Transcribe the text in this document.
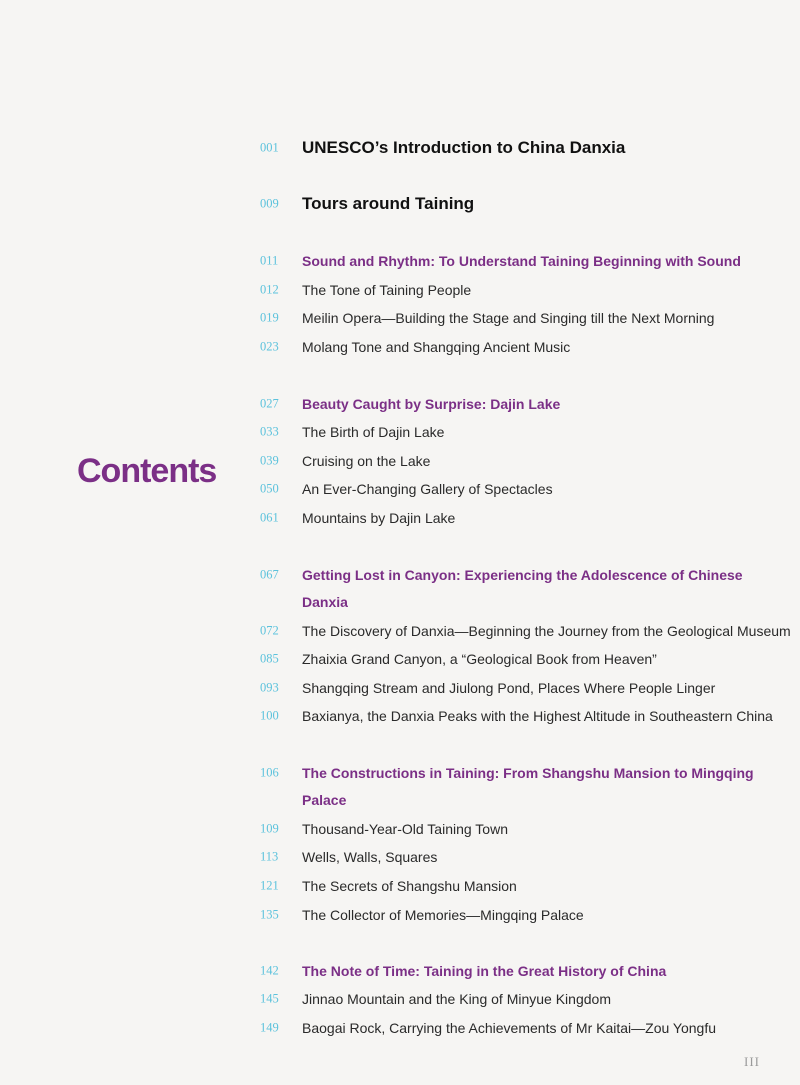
Contents
001 UNESCO’s Introduction to China Danxia
009 Tours around Taining
011 Sound and Rhythm: To Understand Taining Beginning with Sound
012 The Tone of Taining People
019 Meilin Opera—Building the Stage and Singing till the Next Morning
023 Molang Tone and Shangqing Ancient Music
027 Beauty Caught by Surprise: Dajin Lake
033 The Birth of Dajin Lake
039 Cruising on the Lake
050 An Ever-Changing Gallery of Spectacles
061 Mountains by Dajin Lake
067 Getting Lost in Canyon: Experiencing the Adolescence of Chinese
Danxia
072 The Discovery of Danxia—Beginning the Journey from the Geological Museum
085 Zhaixia Grand Canyon, a “Geological Book from Heaven”
093 Shangqing Stream and Jiulong Pond, Places Where People Linger
100 Baxianya, the Danxia Peaks with the Highest Altitude in Southeastern China
106 The Constructions in Taining: From Shangshu Mansion to Mingqing
Palace
109 Thousand-Year-Old Taining Town
113 Wells, Walls, Squares
121 The Secrets of Shangshu Mansion
135 The Collector of Memories—Mingqing Palace
142 The Note of Time: Taining in the Great History of China
145 Jinnao Mountain and the King of Minyue Kingdom
149 Baogai Rock, Carrying the Achievements of Mr Kaitai—Zou Yongfu
III
